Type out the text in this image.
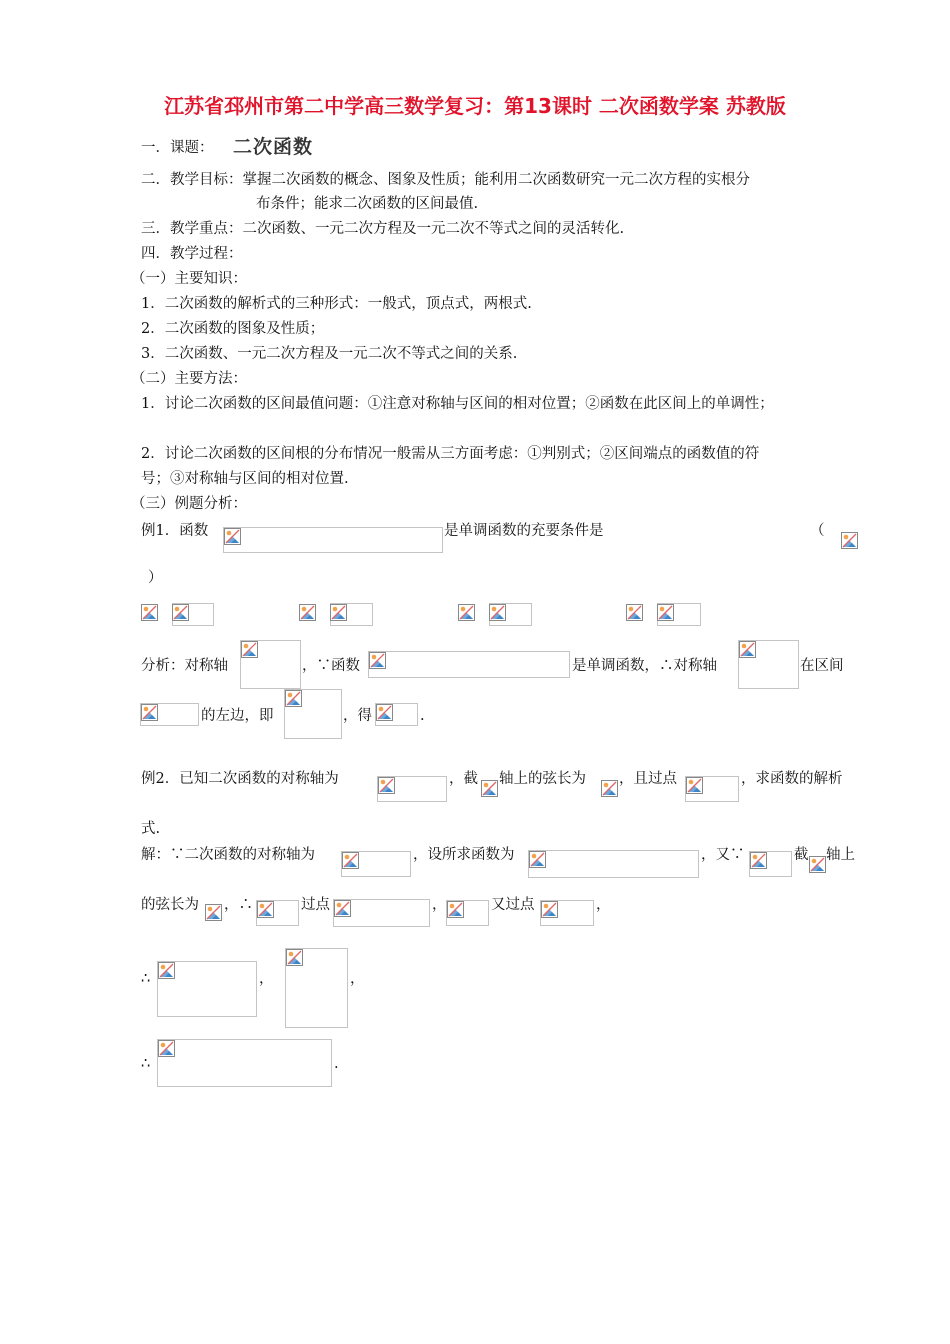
江苏省邳州市第二中学高三数学复习：第13课时 二次函数学案 苏教版
一．课题： 二次函数
二．教学目标：掌握二次函数的概念、图象及性质；能利用二次函数研究一元二次方程的实根分
布条件；能求二次函数的区间最值.
三．教学重点：二次函数、一元二次方程及一元二次不等式之间的灵活转化.
四．教学过程：
（一）主要知识：
1．二次函数的解析式的三种形式：一般式，顶点式，两根式.
2．二次函数的图象及性质；
3．二次函数、一元二次方程及一元二次不等式之间的关系.
（二）主要方法：
1．讨论二次函数的区间最值问题：①注意对称轴与区间的相对位置；②函数在此区间上的单调性；
2．讨论二次函数的区间根的分布情况一般需从三方面考虑：①判别式；②区间端点的函数值的符
号；③对称轴与区间的相对位置.
（三）例题分析：
例1．函数	是单调函数的充要条件是	（
）
分析：对称轴	，∵函数	是单调函数，∴对称轴	在区间
的左边，即	，得	.
例2．已知二次函数的对称轴为	，截 轴上的弦长为 ，且过点	，求函数的解析
式.
解：∵二次函数的对称轴为	，设所求函数为	，又∵	截 轴上
的弦长为 ，∴	过点	，	又过点	，
∴	，	，
∴	.
